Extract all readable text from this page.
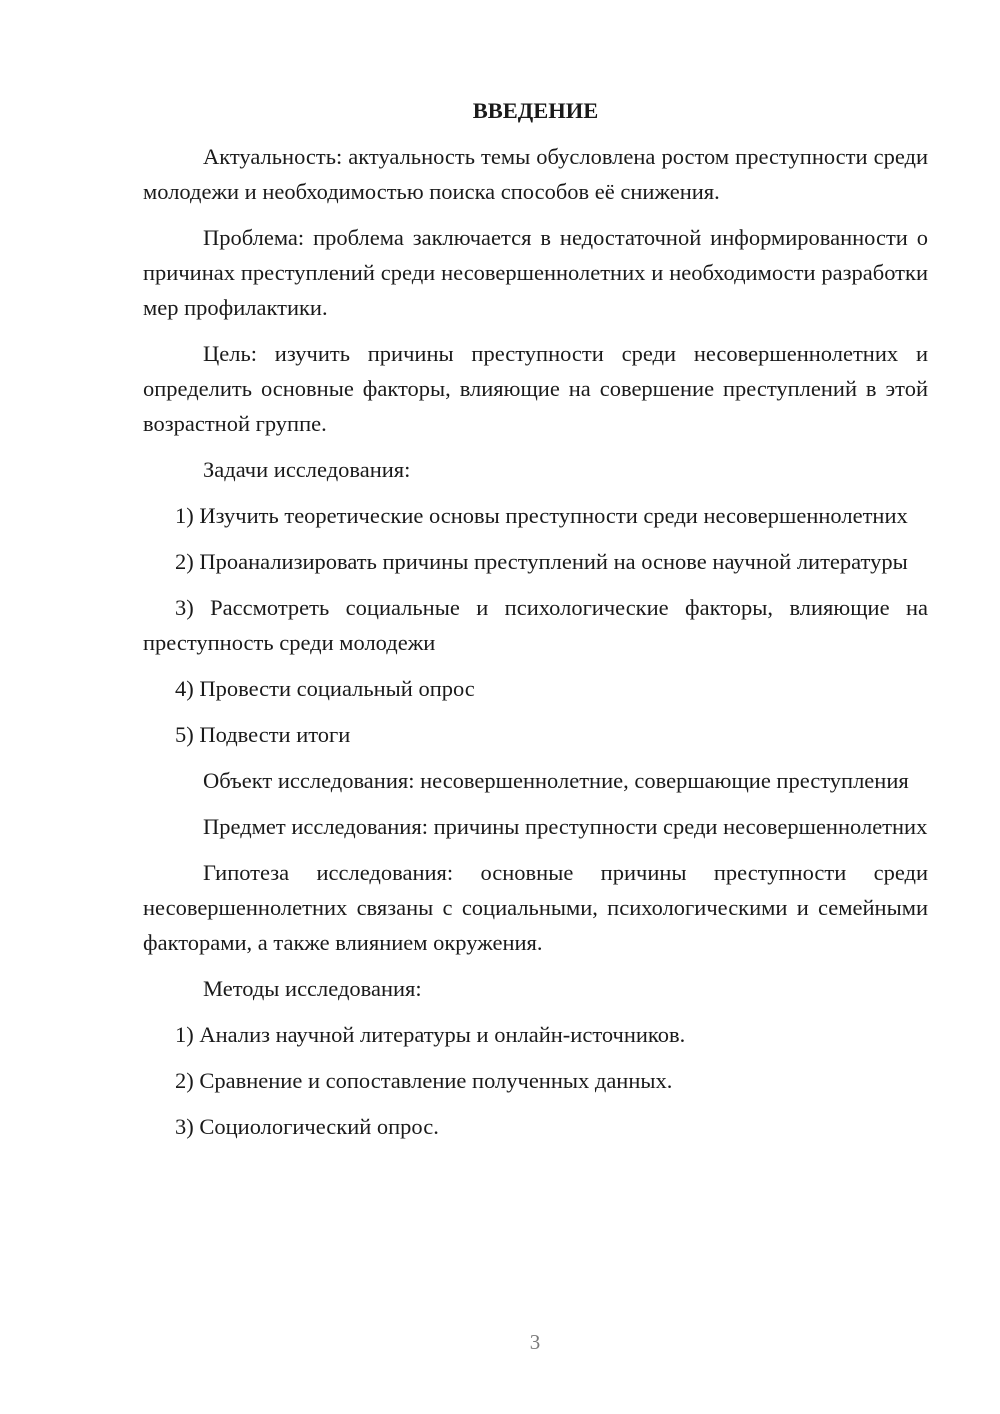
ВВЕДЕНИЕ

Актуальность: актуальность темы обусловлена ростом преступности среди молодежи и необходимостью поиска способов её снижения.

Проблема: проблема заключается в недостаточной информированности о причинах преступлений среди несовершеннолетних и необходимости разработки мер профилактики.

Цель: изучить причины преступности среди несовершеннолетних и определить основные факторы, влияющие на совершение преступлений в этой возрастной группе.

Задачи исследования:

1) Изучить теоретические основы преступности среди несовершеннолетних

2) Проанализировать причины преступлений на основе научной литературы

3) Рассмотреть социальные и психологические факторы, влияющие на преступность среди молодежи

4) Провести социальный опрос

5) Подвести итоги

Объект исследования: несовершеннолетние, совершающие преступления

Предмет исследования: причины преступности среди несовершеннолетних

Гипотеза исследования: основные причины преступности среди несовершеннолетних связаны с социальными, психологическими и семейными факторами, а также влиянием окружения.

Методы исследования:

1) Анализ научной литературы и онлайн-источников.

2) Сравнение и сопоставление полученных данных.

3) Социологический опрос.

3
